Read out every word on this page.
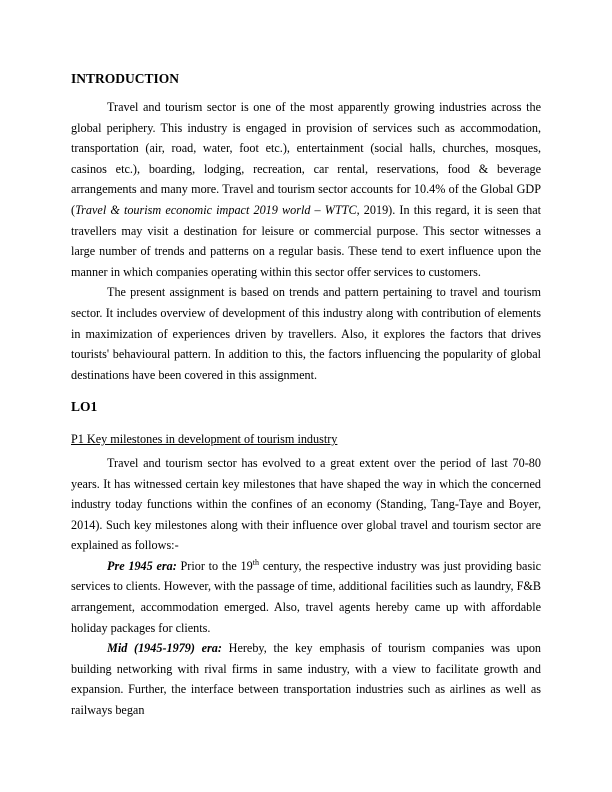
INTRODUCTION

Travel and tourism sector is one of the most apparently growing industries across the global periphery. This industry is engaged in provision of services such as accommodation, transportation (air, road, water, foot etc.), entertainment (social halls, churches, mosques, casinos etc.), boarding, lodging, recreation, car rental, reservations, food & beverage arrangements and many more. Travel and tourism sector accounts for 10.4% of the Global GDP (Travel & tourism economic impact 2019 world – WTTC, 2019). In this regard, it is seen that travellers may visit a destination for leisure or commercial purpose. This sector witnesses a large number of trends and patterns on a regular basis. These tend to exert influence upon the manner in which companies operating within this sector offer services to customers.

The present assignment is based on trends and pattern pertaining to travel and tourism sector. It includes overview of development of this industry along with contribution of elements in maximization of experiences driven by travellers. Also, it explores the factors that drives tourists' behavioural pattern. In addition to this, the factors influencing the popularity of global destinations have been covered in this assignment.

LO1

P1 Key milestones in development of tourism industry

Travel and tourism sector has evolved to a great extent over the period of last 70-80 years. It has witnessed certain key milestones that have shaped the way in which the concerned industry today functions within the confines of an economy (Standing, Tang-Taye and Boyer, 2014). Such key milestones along with their influence over global travel and tourism sector are explained as follows:-

Pre 1945 era: Prior to the 19th century, the respective industry was just providing basic services to clients. However, with the passage of time, additional facilities such as laundry, F&B arrangement, accommodation emerged. Also, travel agents hereby came up with affordable holiday packages for clients.

Mid (1945-1979) era: Hereby, the key emphasis of tourism companies was upon building networking with rival firms in same industry, with a view to facilitate growth and expansion. Further, the interface between transportation industries such as airlines as well as railways began
